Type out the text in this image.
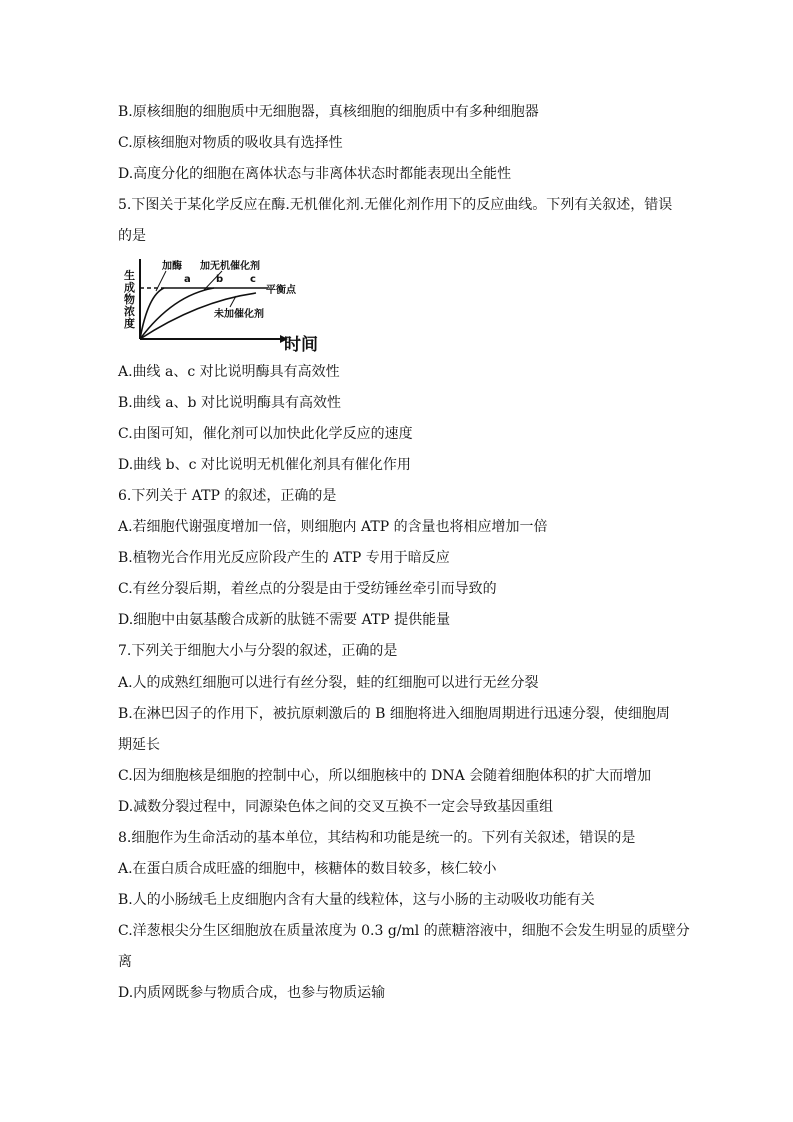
B.原核细胞的细胞质中无细胞器，真核细胞的细胞质中有多种细胞器

C.原核细胞对物质的吸收具有选择性

D.高度分化的细胞在离体状态与非离体状态时都能表现出全能性

5.下图关于某化学反应在酶.无机催化剂.无催化剂作用下的反应曲线。下列有关叙述，错误

的是

生
成
物
浓
度
时间
平衡点
加酶
a
加无机催化剂
b	c
未加催化剂

A.曲线 a、c 对比说明酶具有高效性

B.曲线 a、b 对比说明酶具有高效性

C.由图可知，催化剂可以加快此化学反应的速度

D.曲线 b、c 对比说明无机催化剂具有催化作用

6.下列关于 ATP 的叙述，正确的是

A.若细胞代谢强度增加一倍，则细胞内 ATP 的含量也将相应增加一倍

B.植物光合作用光反应阶段产生的 ATP 专用于暗反应

C.有丝分裂后期，着丝点的分裂是由于受纺锤丝牵引而导致的

D.细胞中由氨基酸合成新的肽链不需要 ATP 提供能量

7.下列关于细胞大小与分裂的叙述，正确的是

A.人的成熟红细胞可以进行有丝分裂，蛙的红细胞可以进行无丝分裂

B.在淋巴因子的作用下，被抗原刺激后的 B 细胞将进入细胞周期进行迅速分裂，使细胞周

期延长

C.因为细胞核是细胞的控制中心，所以细胞核中的 DNA 会随着细胞体积的扩大而增加

D.减数分裂过程中，同源染色体之间的交叉互换不一定会导致基因重组

8.细胞作为生命活动的基本单位，其结构和功能是统一的。下列有关叙述，错误的是

A.在蛋白质合成旺盛的细胞中，核糖体的数目较多，核仁较小

B.人的小肠绒毛上皮细胞内含有大量的线粒体，这与小肠的主动吸收功能有关

C.洋葱根尖分生区细胞放在质量浓度为 0.3 g/ml 的蔗糖溶液中，细胞不会发生明显的质壁分

离

D.内质网既参与物质合成，也参与物质运输
